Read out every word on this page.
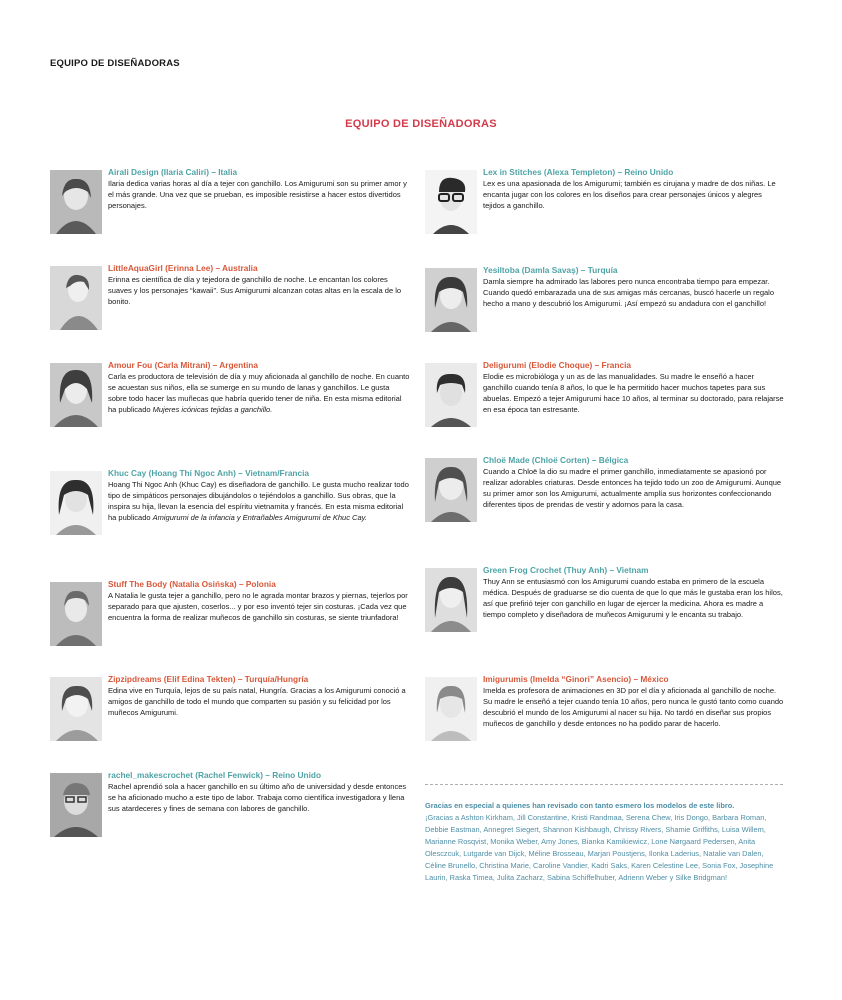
EQUIPO DE DISEÑADORAS
EQUIPO DE DISEÑADORAS
Airali Design (Ilaria Caliri) – Italia

Ilaria dedica varias horas al día a tejer con ganchillo. Los Amigurumi son su primer amor y el más grande. Una vez que se prueban, es imposible resistirse a hacer estos divertidos personajes.

LittleAquaGirl (Erinna Lee) – Australia

Erinna es científica de día y tejedora de ganchillo de noche. Le encantan los colores suaves y los personajes “kawaii”. Sus Amigurumi alcanzan cotas altas en la escala de lo bonito.

Amour Fou (Carla Mitrani) – Argentina

Carla es productora de televisión de día y muy aficionada al ganchillo de noche. En cuanto se acuestan sus niños, ella se sumerge en su mundo de lanas y ganchillos. Le gusta sobre todo hacer las muñecas que habría querido tener de niña. En esta misma editorial ha publicado Mujeres icónicas tejidas a ganchillo.

Khuc Cay (Hoang Thi Ngoc Anh) – Vietnam/Francia

Hoang Thi Ngoc Anh (Khuc Cay) es diseñadora de ganchillo. Le gusta mucho realizar todo tipo de simpáticos personajes dibujándolos o tejiéndolos a ganchillo. Sus obras, que la inspira su hija, llevan la esencia del espíritu vietnamita y francés. En esta misma editorial ha publicado Amigurumi de la infancia y Entrañables Amigurumi de Khuc Cay.

Stuff The Body (Natalia Osińska) – Polonia

A Natalia le gusta tejer a ganchillo, pero no le agrada montar brazos y piernas, tejerlos por separado para que ajusten, coserlos... y por eso inventó tejer sin costuras. ¡Cada vez que encuentra la forma de realizar muñecos de ganchillo sin costuras, se siente triunfadora!

Zipzipdreams (Elif Edina Tekten) – Turquía/Hungría

Edina vive en Turquía, lejos de su país natal, Hungría. Gracias a los Amigurumi conoció a amigos de ganchillo de todo el mundo que comparten su pasión y su felicidad por los muñecos Amigurumi.

rachel_makescrochet (Rachel Fenwick) – Reino Unido

Rachel aprendió sola a hacer ganchillo en su último año de universidad y desde entonces se ha aficionado mucho a este tipo de labor. Trabaja como científica investigadora y llena sus atardeceres y fines de semana con labores de ganchillo.

Lex in Stitches (Alexa Templeton) – Reino Unido

Lex es una apasionada de los Amigurumi; también es cirujana y madre de dos niñas. Le encanta jugar con los colores en los diseños para crear personajes únicos y alegres tejidos a ganchillo.

Yesiltoba (Damla Savaş) – Turquía

Damla siempre ha admirado las labores pero nunca encontraba tiempo para empezar. Cuando quedó embarazada una de sus amigas más cercanas, buscó hacerle un regalo hecho a mano y descubrió los Amigurumi. ¡Así empezó su andadura con el ganchillo!

Deligurumi (Elodie Choque) – Francia

Elodie es microbióloga y un as de las manualidades. Su madre le enseñó a hacer ganchillo cuando tenía 8 años, lo que le ha permitido hacer muchos tapetes para sus abuelas. Empezó a tejer Amigurumi hace 10 años, al terminar su doctorado, para relajarse en esa época tan estresante.

Chloë Made (Chloë Corten) – Bélgica

Cuando a Chloë la dio su madre el primer ganchillo, inmediatamente se apasionó por realizar adorables criaturas. Desde entonces ha tejido todo un zoo de Amigurumi. Aunque su primer amor son los Amigurumi, actualmente amplía sus horizontes confeccionando diferentes tipos de prendas de vestir y adornos para la casa.

Green Frog Crochet (Thuy Anh) – Vietnam

Thuy Ann se entusiasmó con los Amigurumi cuando estaba en primero de la escuela médica. Después de graduarse se dio cuenta de que lo que más le gustaba eran los hilos, así que prefirió tejer con ganchillo en lugar de ejercer la medicina. Ahora es madre a tiempo completo y diseñadora de muñecos Amigurumi y le encanta su trabajo.

Imigurumis (Imelda “Ginori” Asencio) – México

Imelda es profesora de animaciones en 3D por el día y aficionada al ganchillo de noche. Su madre le enseñó a tejer cuando tenía 10 años, pero nunca le gustó tanto como cuando descubrió el mundo de los Amigurumi al nacer su hija. No tardó en diseñar sus propios muñecos de ganchillo y desde entonces no ha podido parar de hacerlo.

Gracias en especial a quienes han revisado con tanto esmero los modelos de este libro.
¡Gracias a Ashton Kirkham, Jill Constantine, Kristi Randmaa, Serena Chew, Iris Dongo, Barbara Roman, Debbie Eastman, Annegret Siegert, Shannon Kishbaugh, Chrissy Rivers, Shamie Griffiths, Luisa Willem, Marianne Rosqvist, Monika Weber, Amy Jones, Bianka Kamikiewicz, Lone Nørgaard Pedersen, Anita Olesczcuk, Lutgarde van Dijck, Méline Brosseau, Marjan Poustjens, Ilonka Laderius, Natalie van Dalen, Céline Brunello, Christina Marie, Caroline Vandier, Kadri Saks, Karen Celestine Lee, Sonia Fox, Josephine Laurin, Raska Timea, Julita Zacharz, Sabina Schiffelhuber, Adrienn Weber y Silke Bridgman!
